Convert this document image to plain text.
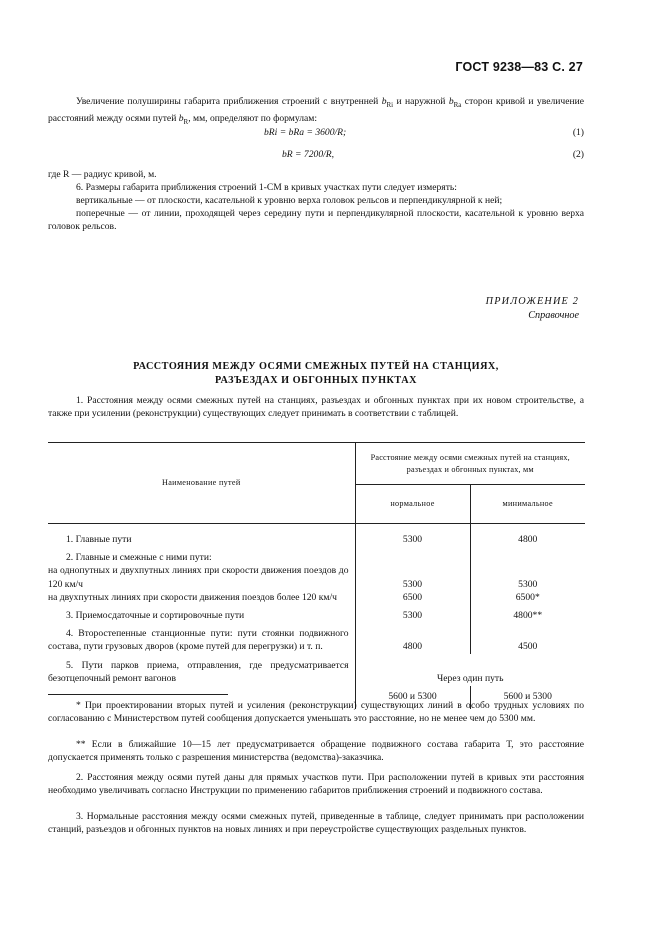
ГОСТ 9238—83 С. 27
Увеличение полуширины габарита приближения строений с внутренней $b_{Ri}$ и наружной $b_{Ra}$ сторон кривой и увеличение расстояний между осями путей $b_R$, мм, определяют по формулам:
bRi = bRa = 3600/R;	(1)
bR = 7200/R,	(2)
где R — радиус кривой, м.
6. Размеры габарита приближения строений 1-СМ в кривых участках пути следует измерять:
вертикальные — от плоскости, касательной к уровню верха головок рельсов и перпендикулярной к ней;
поперечные — от линии, проходящей через середину пути и перпендикулярной плоскости, касательной к уровню верха головок рельсов.
ПРИЛОЖЕНИЕ 2
Справочное
РАССТОЯНИЯ МЕЖДУ ОСЯМИ СМЕЖНЫХ ПУТЕЙ НА СТАНЦИЯХ,
РАЗЪЕЗДАХ И ОБГОННЫХ ПУНКТАХ
1. Расстояния между осями смежных путей на станциях, разъездах и обгонных пунктах при их новом строительстве, а также при усилении (реконструкции) существующих следует принимать в соответствии с таблицей.
Наименование путей	Расстояние между осями смежных путей на станциях, разъездах и обгонных пунктах, мм	
	нормальное	минимальное
1. Главные пути	5300	4800
2. Главные и смежные с ними пути:		
на однопутных и двухпутных линиях при скорости движения поездов до 120 км/ч	5300	5300
на двухпутных линиях при скорости движения поездов более 120 км/ч	6500	6500*
3. Приемосдаточные и сортировочные пути	5300	4800**
4. Второстепенные станционные пути: пути стоянки подвижного состава, пути грузовых дворов (кроме путей для перегрузки) и т. п.	4800	4500
5. Пути парков приема, отправления, где предусматривается безотцепочный ремонт вагонов	Через один путь	
	5600 и 5300	5600 и 5300
* При проектировании вторых путей и усиления (реконструкции) существующих линий в особо трудных условиях по согласованию с Министерством путей сообщения допускается уменьшать это расстояние, но не менее чем до 5300 мм.
** Если в ближайшие 10—15 лет предусматривается обращение подвижного состава габарита Т, это расстояние допускается применять только с разрешения министерства (ведомства)-заказчика.
2. Расстояния между осями путей даны для прямых участков пути. При расположении путей в кривых эти расстояния необходимо увеличивать согласно Инструкции по применению габаритов приближения строений и подвижного состава.
3. Нормальные расстояния между осями смежных путей, приведенные в таблице, следует принимать при расположении станций, разъездов и обгонных пунктов на новых линиях и при переустройстве существующих раздельных пунктов.
